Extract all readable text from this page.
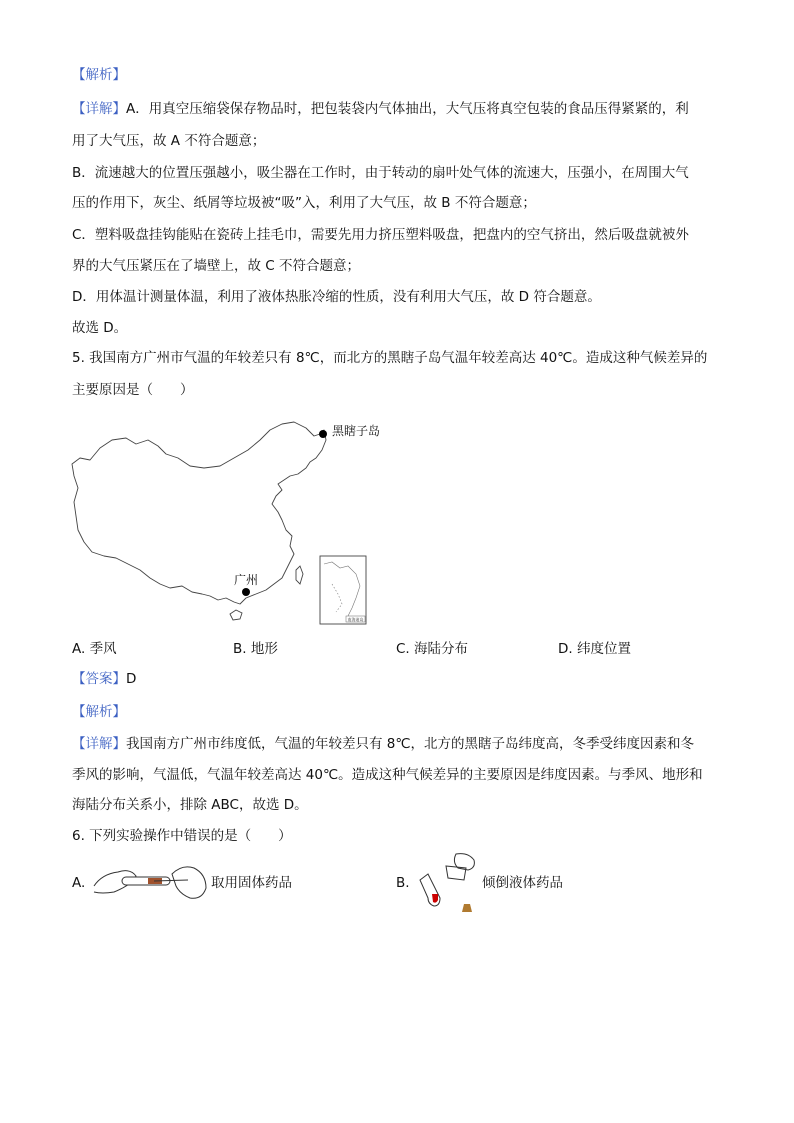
【解析】
【详解】A．用真空压缩袋保存物品时，把包装袋内气体抽出，大气压将真空包装的食品压得紧紧的，利
用了大气压，故 A 不符合题意；
B．流速越大的位置压强越小，吸尘器在工作时，由于转动的扇叶处气体的流速大，压强小，在周围大气
压的作用下，灰尘、纸屑等垃圾被“吸”入，利用了大气压，故 B 不符合题意；
C．塑料吸盘挂钩能贴在瓷砖上挂毛巾，需要先用力挤压塑料吸盘，把盘内的空气挤出，然后吸盘就被外
界的大气压紧压在了墙壁上，故 C 不符合题意；
D．用体温计测量体温，利用了液体热胀冷缩的性质，没有利用大气压，故 D 符合题意。
故选 D。
5. 我国南方广州市气温的年较差只有 8℃，而北方的黑瞎子岛气温年较差高达 40℃。造成这种气候差异的
主要原因是（　　）
南海诸岛
黑瞎子岛
广州
A. 季风	B. 地形	C. 海陆分布	D. 纬度位置
【答案】D
【解析】
【详解】我国南方广州市纬度低，气温的年较差只有 8℃，北方的黑瞎子岛纬度高，冬季受纬度因素和冬
季风的影响，气温低，气温年较差高达 40℃。造成这种气候差异的主要原因是纬度因素。与季风、地形和
海陆分布关系小，排除 ABC，故选 D。
6. 下列实验操作中错误的是（　　）
A.	取用固体药品	B.	倾倒液体药品
